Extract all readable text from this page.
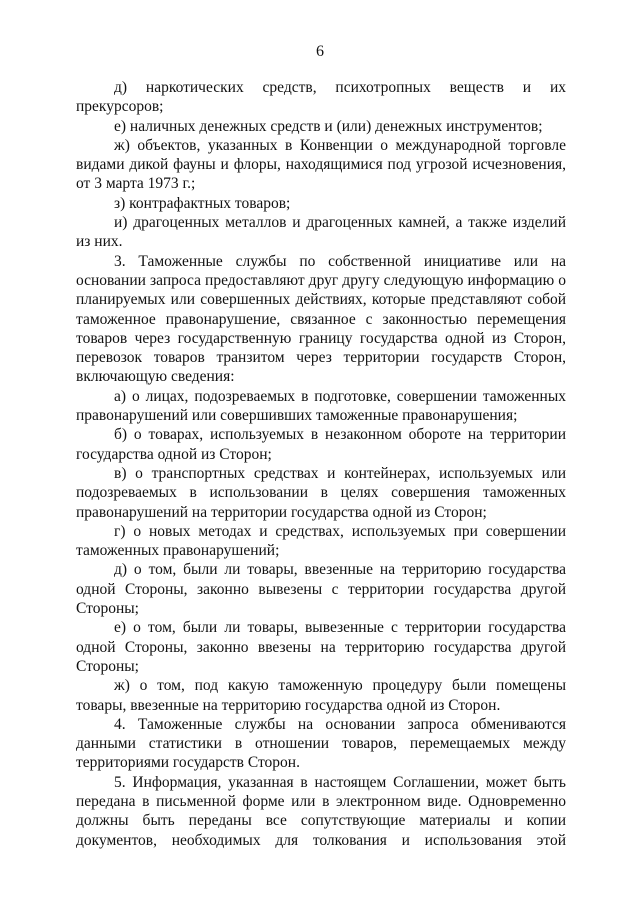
6

д) наркотических средств, психотропных веществ и их прекурсоров;

е) наличных денежных средств и (или) денежных инструментов;

ж) объектов, указанных в Конвенции о международной торговле видами дикой фауны и флоры, находящимися под угрозой исчезновения, от 3 марта 1973 г.;

з) контрафактных товаров;

и) драгоценных металлов и драгоценных камней, а также изделий из них.

3. Таможенные службы по собственной инициативе или на основании запроса предоставляют друг другу следующую информацию о планируемых или совершенных действиях, которые представляют собой таможенное правонарушение, связанное с законностью перемещения товаров через государственную границу государства одной из Сторон, перевозок товаров транзитом через территории государств Сторон, включающую сведения:

а) о лицах, подозреваемых в подготовке, совершении таможенных правонарушений или совершивших таможенные правонарушения;

б) о товарах, используемых в незаконном обороте на территории государства одной из Сторон;

в) о транспортных средствах и контейнерах, используемых или подозреваемых в использовании в целях совершения таможенных правонарушений на территории государства одной из Сторон;

г) о новых методах и средствах, используемых при совершении таможенных правонарушений;

д) о том, были ли товары, ввезенные на территорию государства одной Стороны, законно вывезены с территории государства другой Стороны;

е) о том, были ли товары, вывезенные с территории государства одной Стороны, законно ввезены на территорию государства другой Стороны;

ж) о том, под какую таможенную процедуру были помещены товары, ввезенные на территорию государства одной из Сторон.

4. Таможенные службы на основании запроса обмениваются данными статистики в отношении товаров, перемещаемых между территориями государств Сторон.

5. Информация, указанная в настоящем Соглашении, может быть передана в письменной форме или в электронном виде. Одновременно должны быть переданы все сопутствующие материалы и копии документов, необходимых для толкования и использования этой
